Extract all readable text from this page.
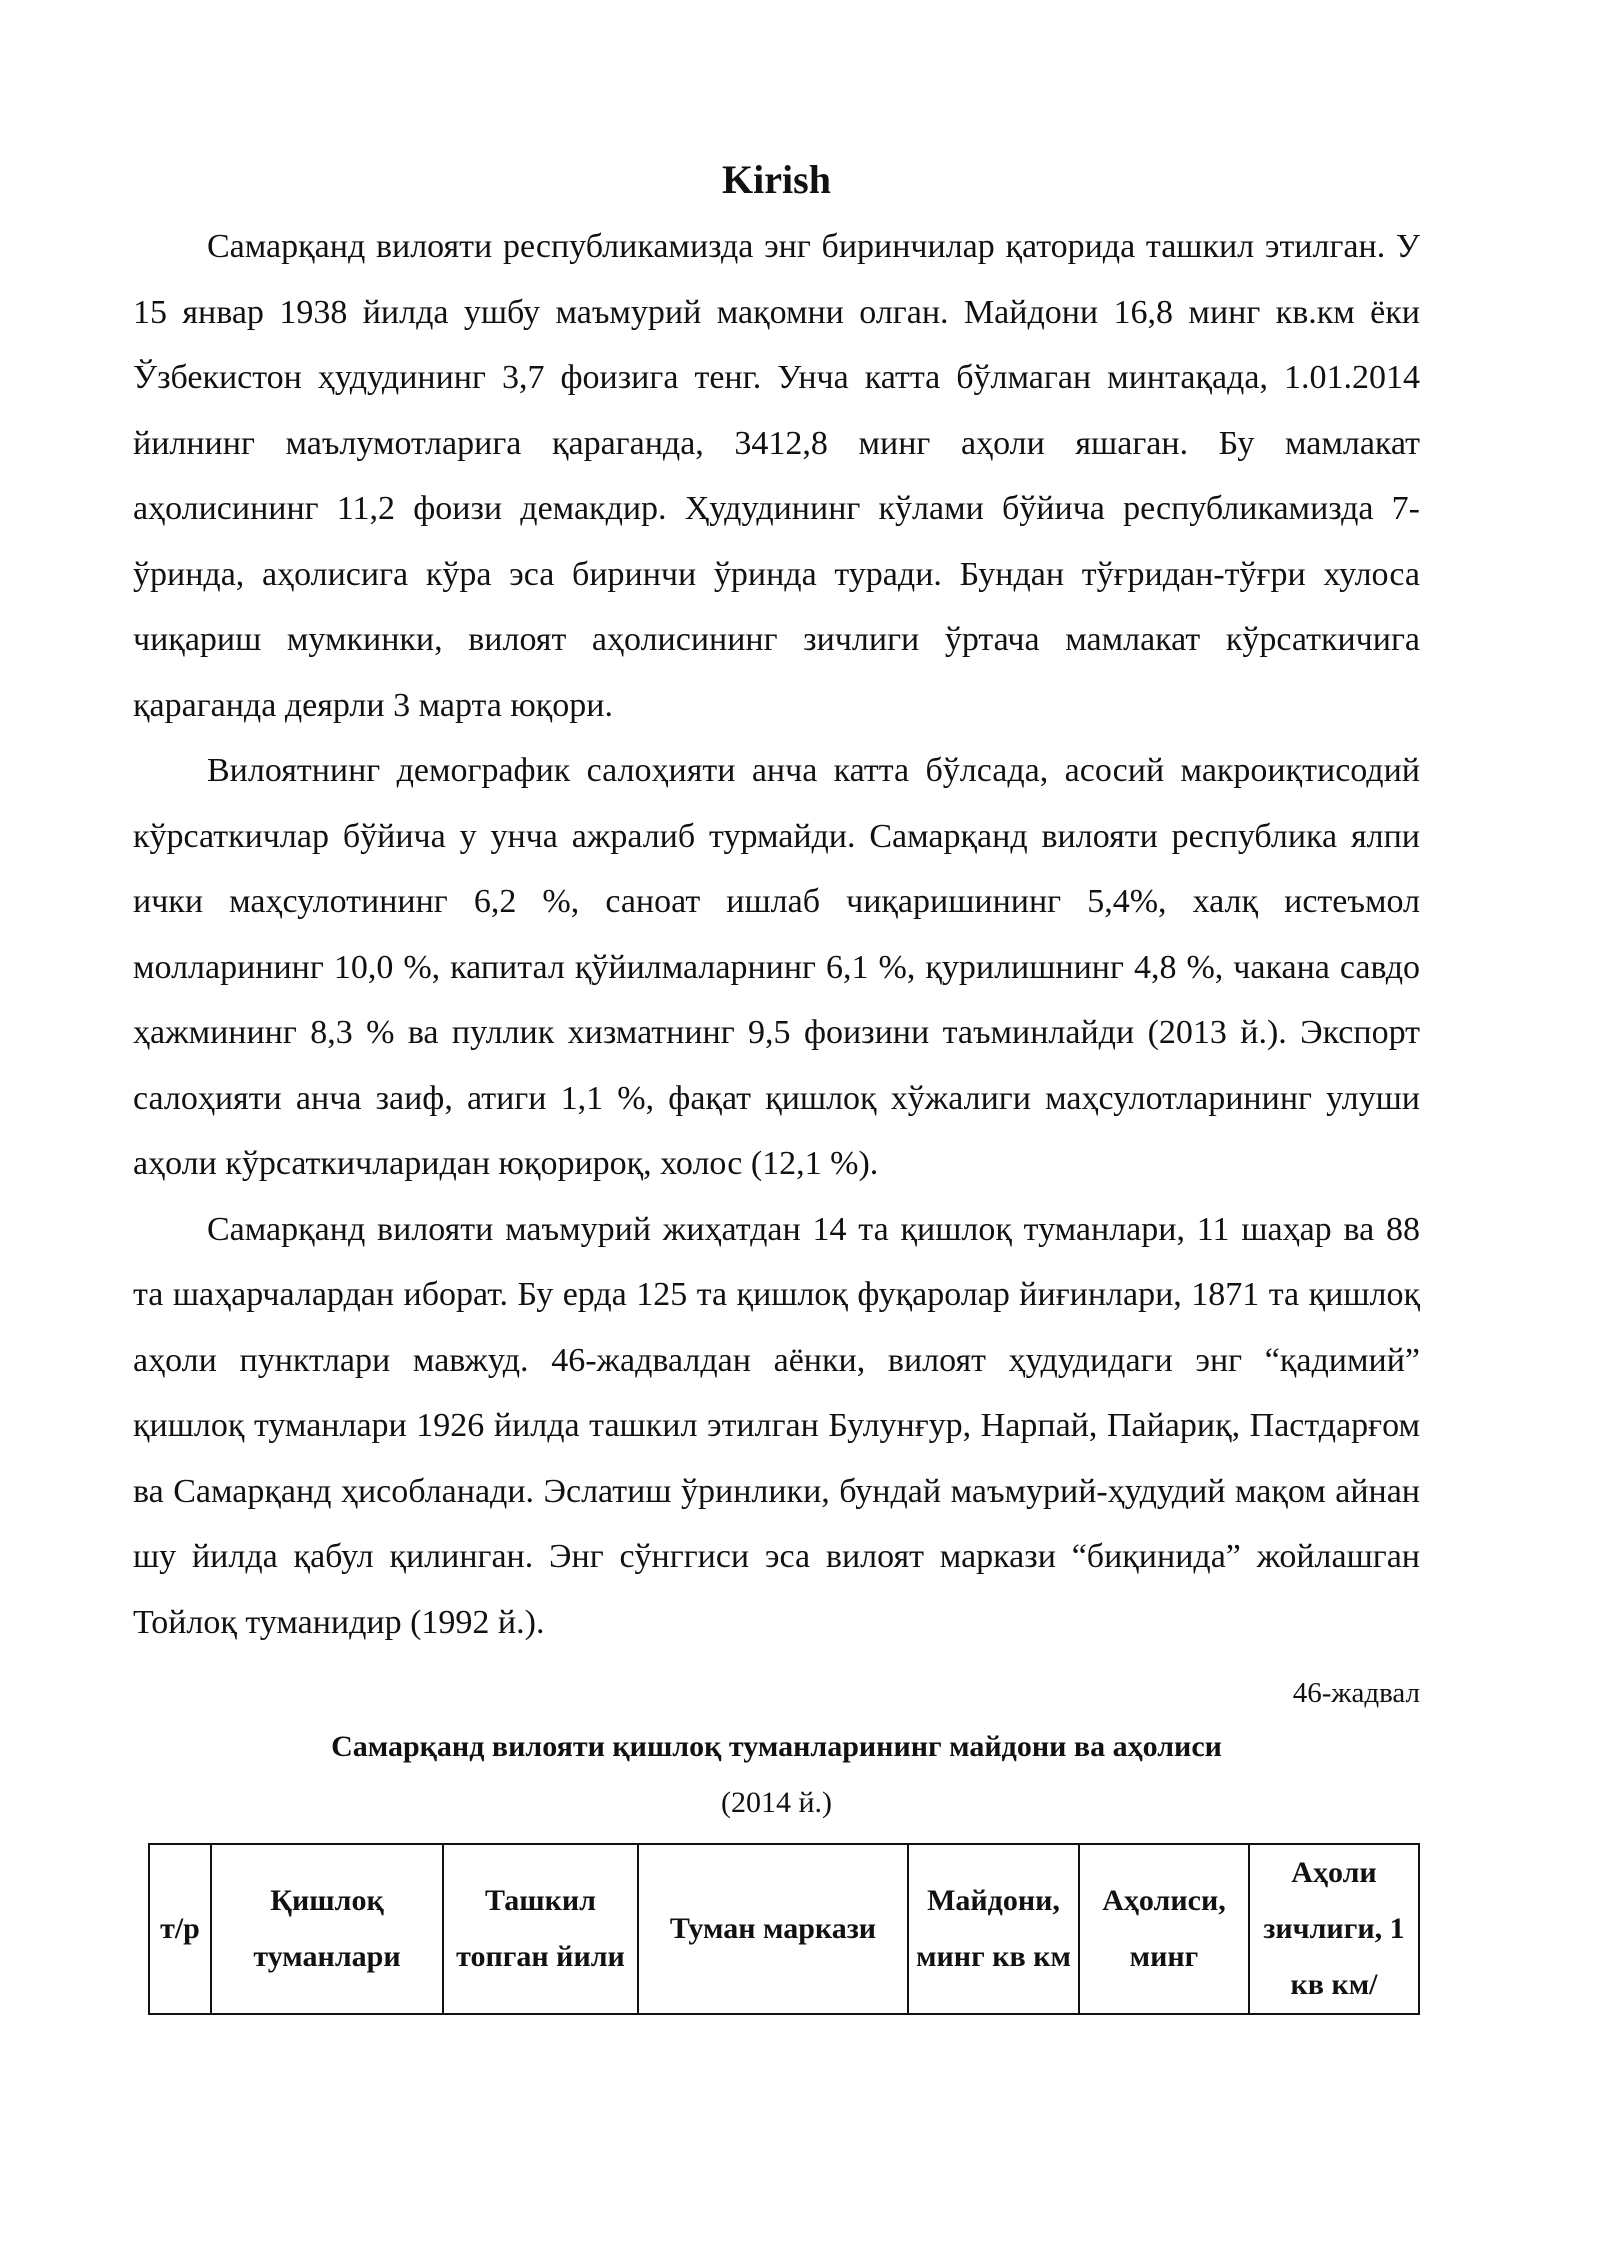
Kirish

Самарқанд вилояти республикамизда энг биринчилар қаторида ташкил этилган. У 15 январ 1938 йилда ушбу маъмурий мақомни олган. Майдони 16,8 минг кв.км ёки Ўзбекистон ҳудудининг 3,7 фоизига тенг. Унча катта бўлмаган минтақада, 1.01.2014 йилнинг маълумотларига қараганда, 3412,8 минг аҳоли яшаган. Бу мамлакат аҳолисининг 11,2 фоизи демакдир. Ҳудудининг кўлами бўйича республикамизда 7-ўринда, аҳолисига кўра эса биринчи ўринда туради. Бундан тўғридан-тўғри хулоса чиқариш мумкинки, вилоят аҳолисининг зичлиги ўртача мамлакат кўрсаткичига қараганда деярли 3 марта юқори.

Вилоятнинг демографик салоҳияти анча катта бўлсада, асосий макроиқтисодий кўрсаткичлар бўйича у унча ажралиб турмайди. Самарқанд вилояти республика ялпи ички маҳсулотининг 6,2 %, саноат ишлаб чиқаришининг 5,4%, халқ истеъмол молларининг 10,0 %, капитал қўйилмаларнинг 6,1 %, қурилишнинг 4,8 %, чакана савдо ҳажмининг 8,3 % ва пуллик хизматнинг 9,5 фоизини таъминлайди (2013 й.). Экспорт салоҳияти анча заиф, атиги 1,1 %, фақат қишлоқ хўжалиги маҳсулотларининг улуши аҳоли кўрсаткичларидан юқорироқ, холос (12,1 %).

Самарқанд вилояти маъмурий жиҳатдан 14 та қишлоқ туманлари, 11 шаҳар ва 88 та шаҳарчалардан иборат. Бу ерда 125 та қишлоқ фуқаролар йиғинлари, 1871 та қишлоқ аҳоли пунктлари мавжуд. 46-жадвалдан аёнки, вилоят ҳудудидаги энг “қадимий” қишлоқ туманлари 1926 йилда ташкил этилган Булунғур, Нарпай, Пайариқ, Пастдарғом ва Самарқанд ҳисобланади. Эслатиш ўринлики, бундай маъмурий-ҳудудий мақом айнан шу йилда қабул қилинган. Энг сўнггиси эса вилоят маркази “биқинида” жойлашган Тойлоқ туманидир (1992 й.).

46-жадвал
Самарқанд вилояти қишлоқ туманларининг майдони ва аҳолиси
(2014 й.)
т/р	Қишлоқ туманлари	Ташкил топган йили	Туман маркази	Майдони, минг кв км	Аҳолиси, минг	Аҳоли зичлиги, 1 кв км/
